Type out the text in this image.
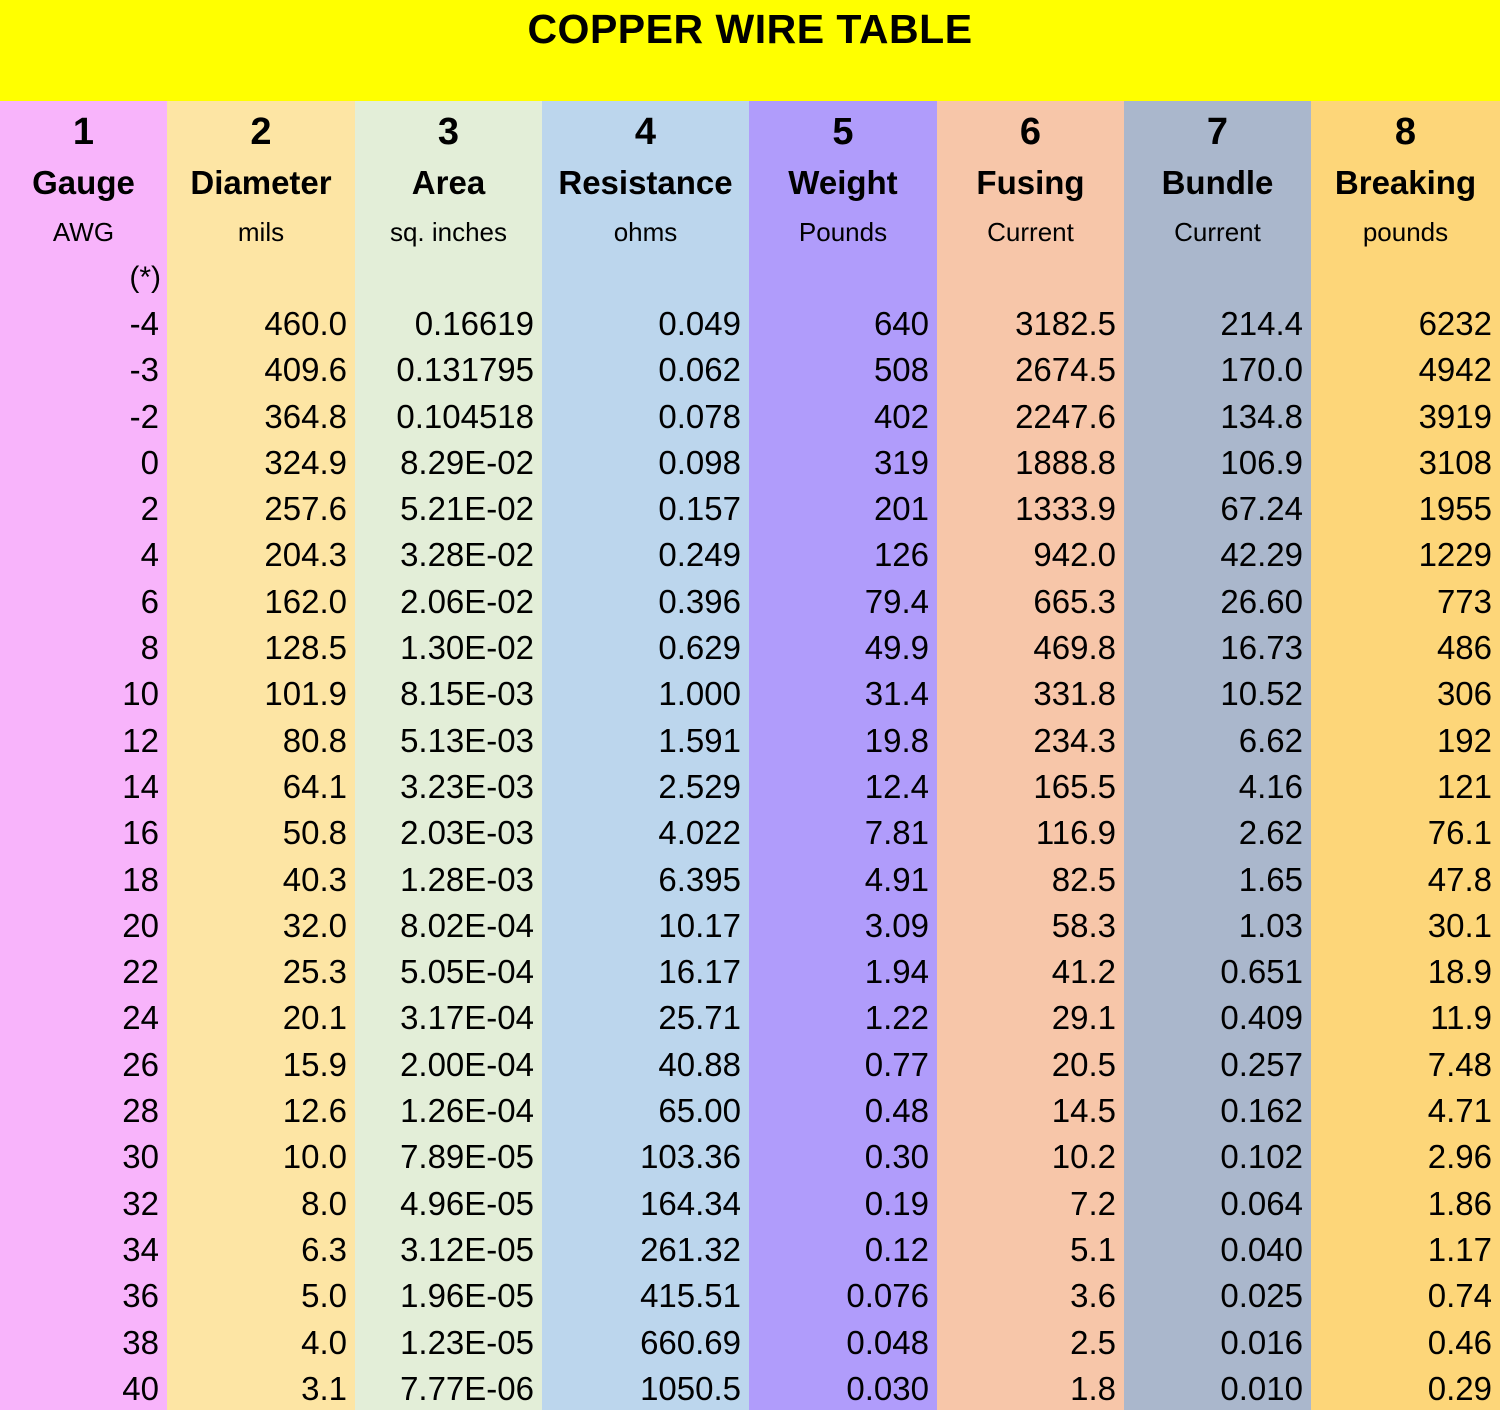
COPPER WIRE TABLE
1
Gauge
AWG
(*)
-4
-3
-2
0
2
4
6
8
10
12
14
16
18
20
22
24
26
28
30
32
34
36
38
40
2
Diameter
mils
460.0
409.6
364.8
324.9
257.6
204.3
162.0
128.5
101.9
80.8
64.1
50.8
40.3
32.0
25.3
20.1
15.9
12.6
10.0
8.0
6.3
5.0
4.0
3.1
3
Area
sq. inches
0.16619
0.131795
0.104518
8.29E-02
5.21E-02
3.28E-02
2.06E-02
1.30E-02
8.15E-03
5.13E-03
3.23E-03
2.03E-03
1.28E-03
8.02E-04
5.05E-04
3.17E-04
2.00E-04
1.26E-04
7.89E-05
4.96E-05
3.12E-05
1.96E-05
1.23E-05
7.77E-06
4
Resistance
ohms
0.049
0.062
0.078
0.098
0.157
0.249
0.396
0.629
1.000
1.591
2.529
4.022
6.395
10.17
16.17
25.71
40.88
65.00
103.36
164.34
261.32
415.51
660.69
1050.5
5
Weight
Pounds
640
508
402
319
201
126
79.4
49.9
31.4
19.8
12.4
7.81
4.91
3.09
1.94
1.22
0.77
0.48
0.30
0.19
0.12
0.076
0.048
0.030
6
Fusing
Current
3182.5
2674.5
2247.6
1888.8
1333.9
942.0
665.3
469.8
331.8
234.3
165.5
116.9
82.5
58.3
41.2
29.1
20.5
14.5
10.2
7.2
5.1
3.6
2.5
1.8
7
Bundle
Current
214.4
170.0
134.8
106.9
67.24
42.29
26.60
16.73
10.52
6.62
4.16
2.62
1.65
1.03
0.651
0.409
0.257
0.162
0.102
0.064
0.040
0.025
0.016
0.010
8
Breaking
pounds
6232
4942
3919
3108
1955
1229
773
486
306
192
121
76.1
47.8
30.1
18.9
11.9
7.48
4.71
2.96
1.86
1.17
0.74
0.46
0.29
